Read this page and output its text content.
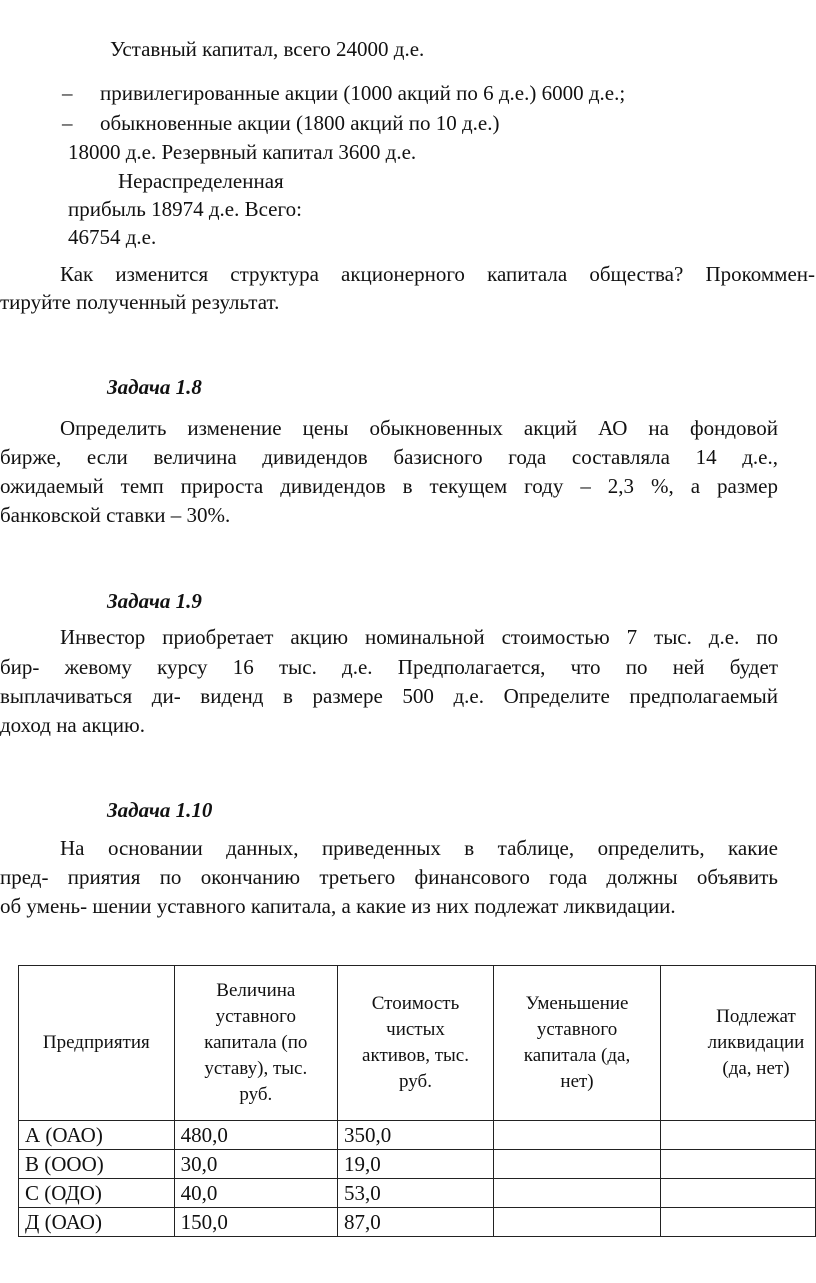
Уставный капитал, всего 24000 д.е.
– привилегированные акции (1000 акций по 6 д.е.) 6000 д.е.;
– обыкновенные акции (1800 акций по 10 д.е.)
18000 д.е. Резервный капитал 3600 д.е.
Нераспределенная
прибыль 18974 д.е. Всего:
46754 д.е.
Как изменится структура акционерного капитала общества? Прокоммен-
тируйте полученный результат.
Задача 1.8
Определить изменение цены обыкновенных акций АО на фондовой
бирже, если величина дивидендов базисного года составляла 14 д.е.,
ожидаемый темп прироста дивидендов в текущем году – 2,3 %, а размер
банковской ставки – 30%.
Задача 1.9
Инвестор приобретает акцию номинальной стоимостью 7 тыс. д.е. по
бир- жевому курсу 16 тыс. д.е. Предполагается, что по ней будет
выплачиваться ди- виденд в размере 500 д.е. Определите предполагаемый
доход на акцию.
Задача 1.10
На основании данных, приведенных в таблице, определить, какие
пред- приятия по окончанию третьего финансового года должны объявить
об умень- шении уставного капитала, а какие из них подлежат ликвидации.
Предприятия	Величина уставного капитала (по уставу), тыс. руб.	Стоимость чистых активов, тыс. руб.	Уменьшение уставного капитала (да, нет)	Подлежат ликвидации (да, нет)

А (ОАО)	480,0	350,0		
В (ООО)	30,0	19,0		
С (ОДО)	40,0	53,0		
Д (ОАО)	150,0	87,0		
